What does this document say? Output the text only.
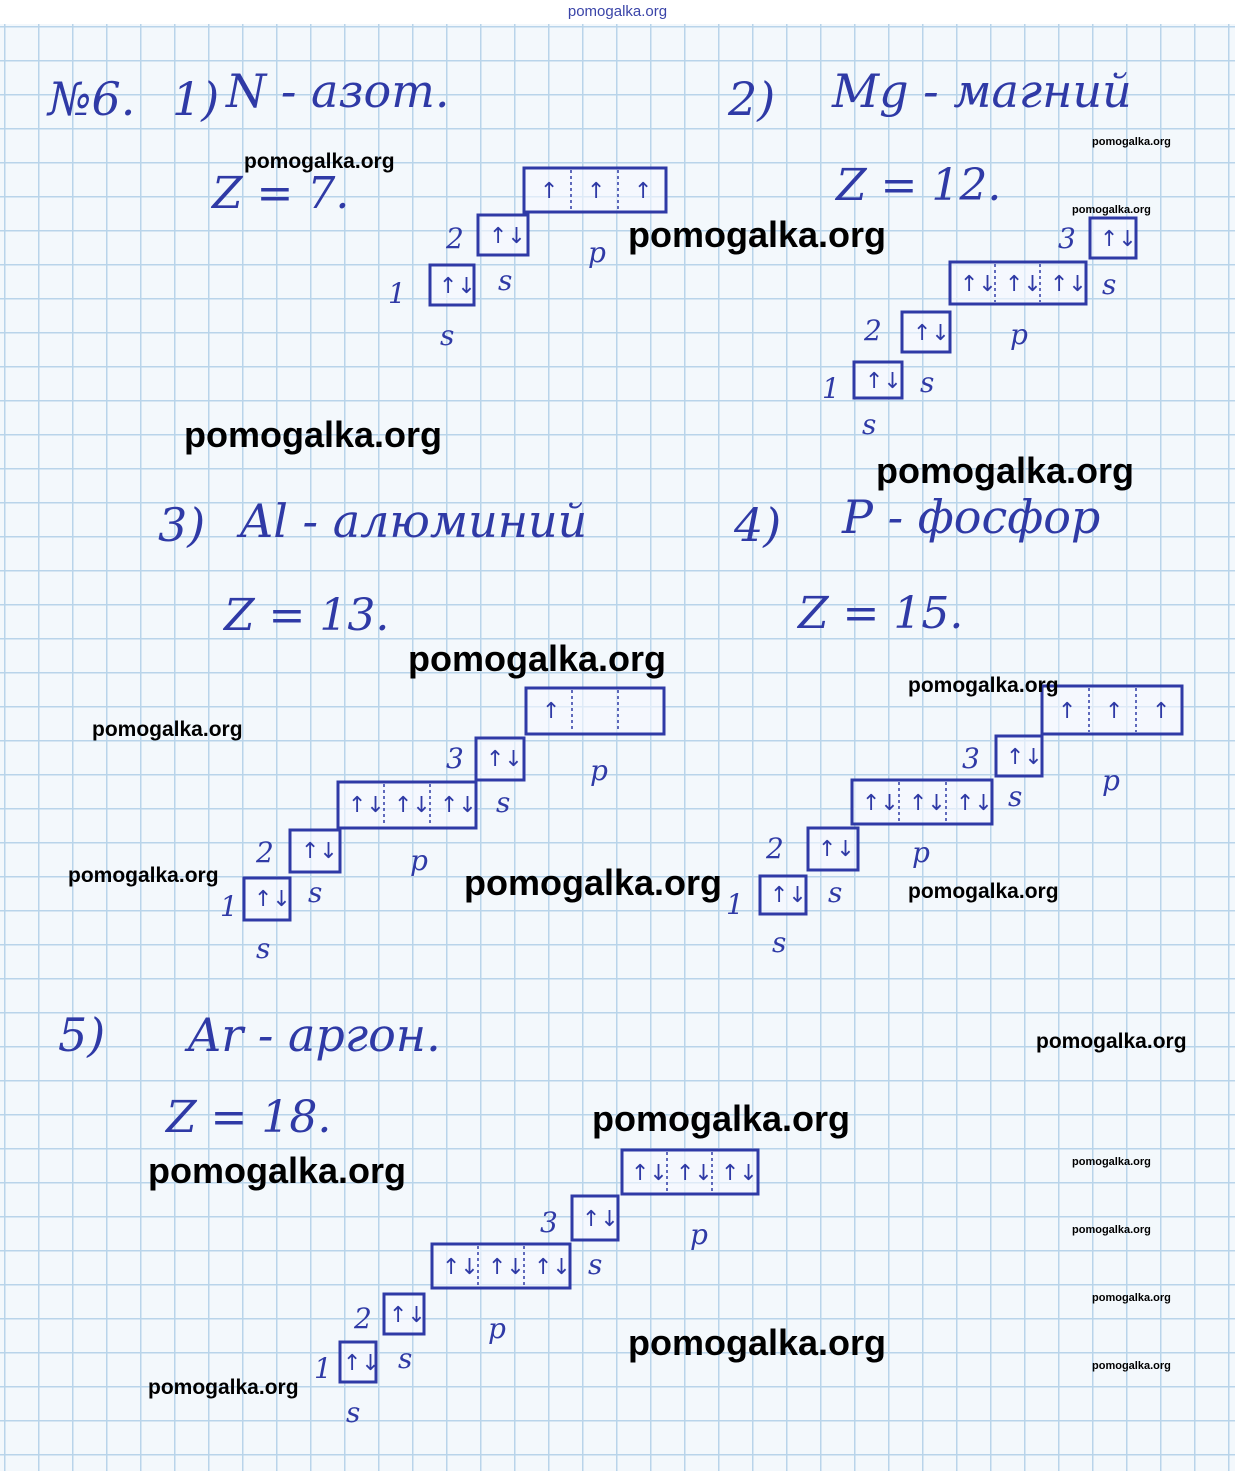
pomogalka.org
№6. 1) N - азот.
Z = 7.
2) Mg - магний
Z = 12.
3) Al - алюминий
Z = 13.
4) P - фосфор
Z = 15.
5) Ar - аргон.
Z = 18.
↑↓
1
s
↑↓
2
s
↑ ↑ ↑
p
↑↓
1
s
↑↓
2
s
↑↓ ↑↓ ↑↓
p
↑↓
3
s
↑↓
1
s
↑↓
2
s
↑↓ ↑↓ ↑↓
p
↑↓
3
s
↑
p
↑↓
1
s
↑↓
2
s
↑↓ ↑↓ ↑↓
p
↑↓
3
s
↑ ↑ ↑
p
↑↓
1
s
↑↓
2
s
↑↓ ↑↓ ↑↓
p
↑↓
3
s
↑↓ ↑↓ ↑↓
p
pomogalka.org
pomogalka.org
pomogalka.org
pomogalka.org
pomogalka.org
pomogalka.org
pomogalka.org
pomogalka.org
pomogalka.org
pomogalka.org	pomogalka.org	pomogalka.org
pomogalka.org
pomogalka.org
pomogalka.org	pomogalka.org
pomogalka.org
pomogalka.org
pomogalka.org
pomogalka.org
pomogalka.org
